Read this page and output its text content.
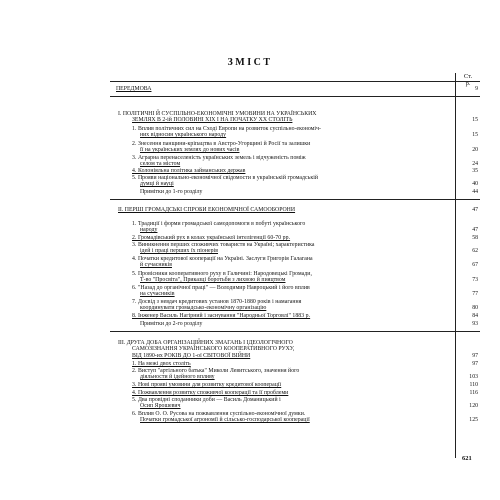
ЗМІСТ
Ст.
p.
ПЕРЕДМОВА	9
І. ПОЛІТИЧНІ Й СУСПІЛЬНО-ЕКОНОМІЧНІ УМОВИНИ НА УКРАЇНСЬКИХ
ЗЕМЛЯХ В 2-ій ПОЛОВИНІ XIX І НА ПОЧАТКУ XX СТОЛІТЬ	15
1. Вплив політичних сил на Сході Европи на розвиток суспільно-економіч-
них відносин українського народу	15
2. Знесення панщини-кріпацтва в Австро-Угорщині й Росії та залишки
її на українських землях до нових часів	20
3. Аграрна перенаселеність українських земель і відчуженість поміж
селом та містом	24
4. Колоніяльна політика займанських держав	35
5. Прояви національно-економічної свідомости в українській громадській
думці й науці	40
Примітки до 1-го розділу	44
II. ПЕРШІ ГРОМАДСЬКІ СПРОБИ ЕКОНОМІЧНОЇ САМООБОРОНИ	47
1. Традиції і форми громадської самодопомоги в побуті українського
народу	47
2. Громадівський рух в колах української інтелігенції 60-70 рр.	58
3. Виникнення перших споживчих товариств на Україні; характеристика
ідей і праці перших їх піонерів	62
4. Початки кредитової кооперації на Україні. Заслуги Григорія Галагана
й сучасників	67
5. Провісники кооперативного руху в Галичині: Народовецькі Громади,
Т-во "Просвіта", Приказці боротьби з лихвою й пияцтвом	73
6. "Назад до органічної праці" — Володимир Навроцький і його вплив
на сучасників	77
7. Досвід з невдач кредитових установ 1870-1880 років і намагання
координувати громадсько-економічну організацію	80
8. Інженер Василь Нагірний і заснування "Народньої Торговлі" 1883 р.	84
Примітки до 2-го розділу	93
III. ДРУГА ДОБА ОРГАНІЗАЦІЙНИХ ЗМАГАНЬ І ІДЕОЛОГІЧНОГО
САМОЗІЗНАННЯ УКРАЇНСЬКОГО КООПЕРАТИВНОГО РУХУ,
ВІД 1890-их РОКІВ ДО 1-ої СВІТОВОЇ ВІЙНИ	97
1. На межі двох століть	97
2. Виступ "артільного батька" Миколи Левитського, значення його
діяльности й ідейного впливу	103
3. Нові прояві умовини для розвитку кредитової кооперації	110
4. Пожвавлення розвитку споживчої кооперації та її проблеми	116
5. Два провідні споданники доби — Василь Доманицький і
Осип Ярошевич	120
6. Вплив О. О. Русова на пожвавлення суспільно-економічної думки.
Початки громадської агрономії й сільсько-господарської кооперації	125
621
